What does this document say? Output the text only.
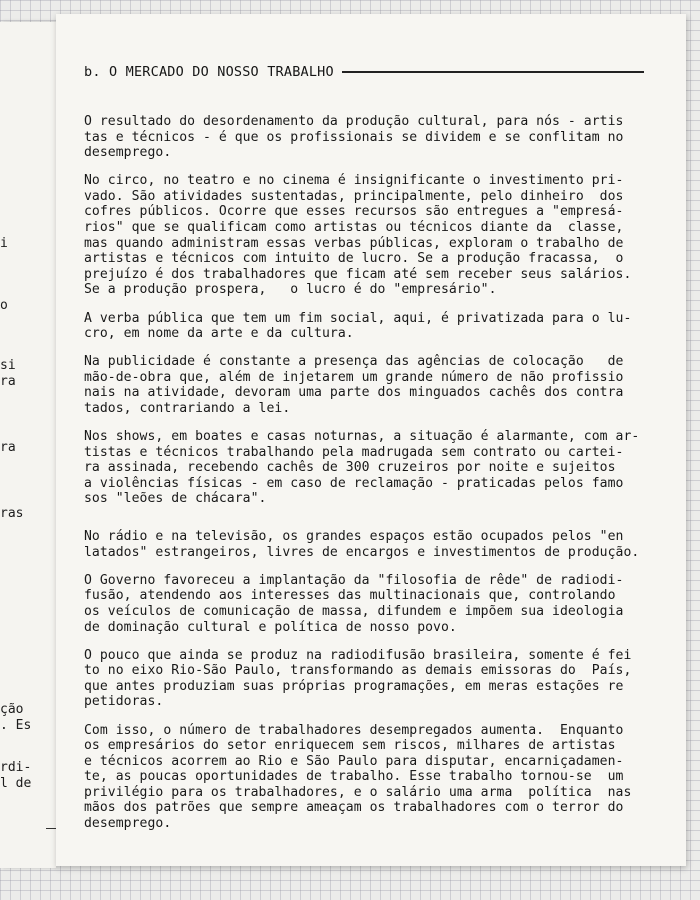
i
o
si
ra
ra
ras
ção
. Es
rdi-
l de
b. O MERCADO DO NOSSO TRABALHO
O resultado do desordenamento da produção cultural, para nós - artis
tas e técnicos - é que os profissionais se dividem e se conflitam no
desemprego.
No circo, no teatro e no cinema é insignificante o investimento pri-
vado. São atividades sustentadas, principalmente, pelo dinheiro  dos
cofres públicos. Ocorre que esses recursos são entregues a "empresá-
rios" que se qualificam como artistas ou técnicos diante da  classe,
mas quando administram essas verbas públicas, exploram o trabalho de
artistas e técnicos com intuito de lucro. Se a produção fracassa,  o
prejuízo é dos trabalhadores que ficam até sem receber seus salários.
Se a produção prospera,   o lucro é do "empresário".
A verba pública que tem um fim social, aqui, é privatizada para o lu-
cro, em nome da arte e da cultura.
Na publicidade é constante a presença das agências de colocação   de
mão-de-obra que, além de injetarem um grande número de não profissio
nais na atividade, devoram uma parte dos minguados cachês dos contra
tados, contrariando a lei.
Nos shows, em boates e casas noturnas, a situação é alarmante, com ar-
tistas e técnicos trabalhando pela madrugada sem contrato ou cartei-
ra assinada, recebendo cachês de 300 cruzeiros por noite e sujeitos
a violências físicas - em caso de reclamação - praticadas pelos famo
sos "leões de chácara".
No rádio e na televisão, os grandes espaços estão ocupados pelos "en
latados" estrangeiros, livres de encargos e investimentos de produção.
O Governo favoreceu a implantação da "filosofia de rêde" de radiodi-
fusão, atendendo aos interesses das multinacionais que, controlando
os veículos de comunicação de massa, difundem e impõem sua ideologia
de dominação cultural e política de nosso povo.
O pouco que ainda se produz na radiodifusão brasileira, somente é fei
to no eixo Rio-São Paulo, transformando as demais emissoras do  País,
que antes produziam suas próprias programações, em meras estações re
petidoras.
Com isso, o número de trabalhadores desempregados aumenta.  Enquanto
os empresários do setor enriquecem sem riscos, milhares de artistas
e técnicos acorrem ao Rio e São Paulo para disputar, encarniçadamen-
te, as poucas oportunidades de trabalho. Esse trabalho tornou-se  um
privilégio para os trabalhadores, e o salário uma arma  política  nas
mãos dos patrões que sempre ameaçam os trabalhadores com o terror do
desemprego.
